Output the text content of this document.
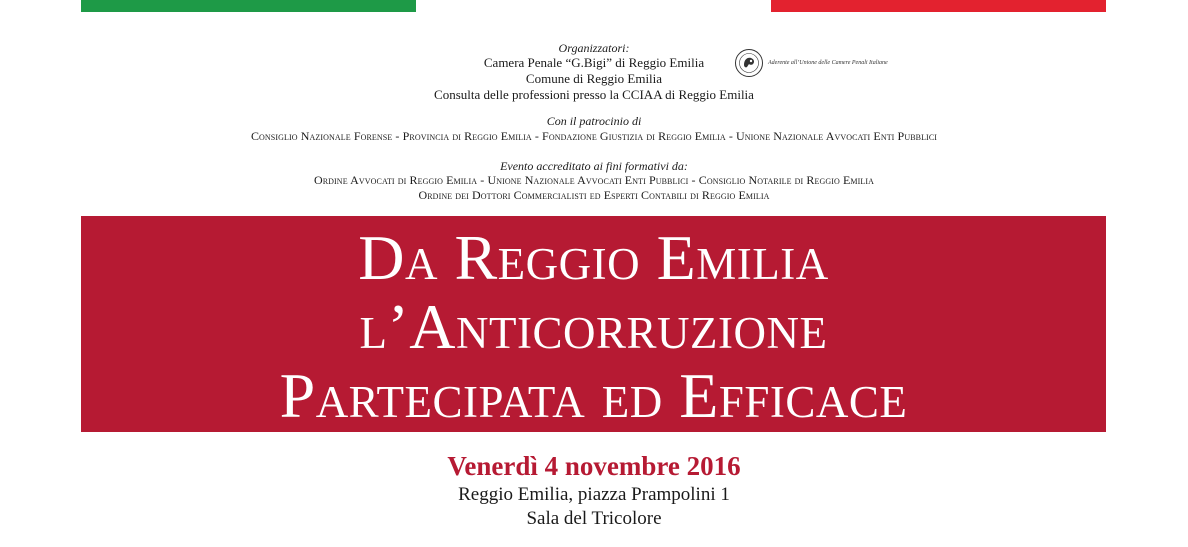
Organizzatori:
Camera Penale “G.Bigi” di Reggio Emilia
Comune di Reggio Emilia
Consulta delle professioni presso la CCIAA di Reggio Emilia
Aderente all’Unione delle Camere Penali Italiane
Con il patrocinio di
Consiglio Nazionale Forense - Provincia di Reggio Emilia - Fondazione Giustizia di Reggio Emilia - Unione Nazionale Avvocati Enti Pubblici
Evento accreditato ai fini formativi da:
Ordine Avvocati di Reggio Emilia - Unione Nazionale Avvocati Enti Pubblici - Consiglio Notarile di Reggio Emilia
Ordine dei Dottori Commercialisti ed Esperti Contabili di Reggio Emilia
Da Reggio Emilia
l’Anticorruzione
Partecipata ed Efficace
Venerdì 4 novembre 2016
Reggio Emilia, piazza Prampolini 1
Sala del Tricolore
